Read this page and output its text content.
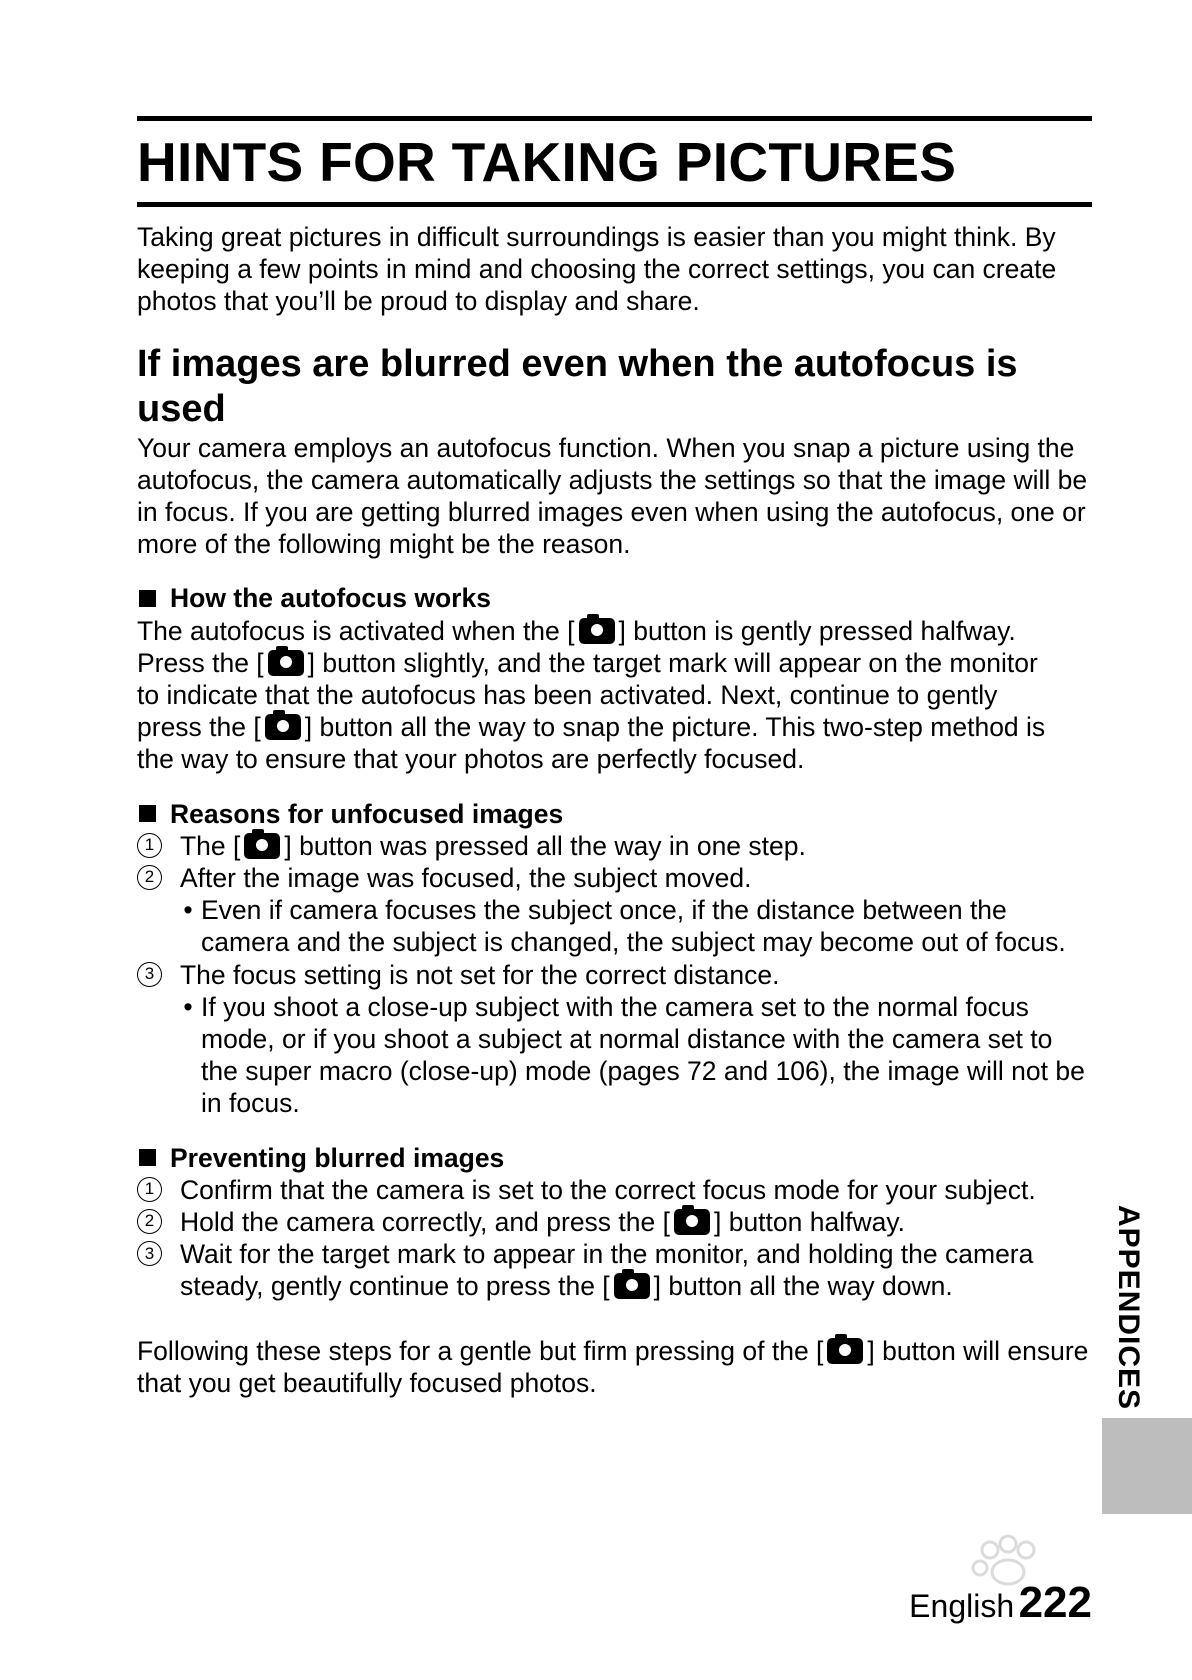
HINTS FOR TAKING PICTURES

Taking great pictures in difficult surroundings is easier than you might think. By keeping a few points in mind and choosing the correct settings, you can create photos that you’ll be proud to display and share.

If images are blurred even when the autofocus is
used

Your camera employs an autofocus function. When you snap a picture using the autofocus, the camera automatically adjusts the settings so that the image will be in focus. If you are getting blurred images even when using the autofocus, one or more of the following might be the reason.

How the autofocus works
The autofocus is activated when the [ ] button is gently pressed halfway.
Press the [ ] button slightly, and the target mark will appear on the monitor
to indicate that the autofocus has been activated. Next, continue to gently
press the [ ] button all the way to snap the picture. This two-step method is
the way to ensure that your photos are perfectly focused.
Reasons for unfocused images
1 The [ ] button was pressed all the way in one step.
2 After the image was focused, the subject moved.
• Even if camera focuses the subject once, if the distance between the camera and the subject is changed, the subject may become out of focus.
3 The focus setting is not set for the correct distance.
• If you shoot a close-up subject with the camera set to the normal focus mode, or if you shoot a subject at normal distance with the camera set to the super macro (close-up) mode (pages 72 and 106), the image will not be in focus.
Preventing blurred images
1 Confirm that the camera is set to the correct focus mode for your subject.
2 Hold the camera correctly, and press the [ ] button halfway.
3 Wait for the target mark to appear in the monitor, and holding the camera steady, gently continue to press the [ ] button all the way down.

Following these steps for a gentle but firm pressing of the [ ] button will ensure that you get beautifully focused photos.	APPENDICES
English 222
